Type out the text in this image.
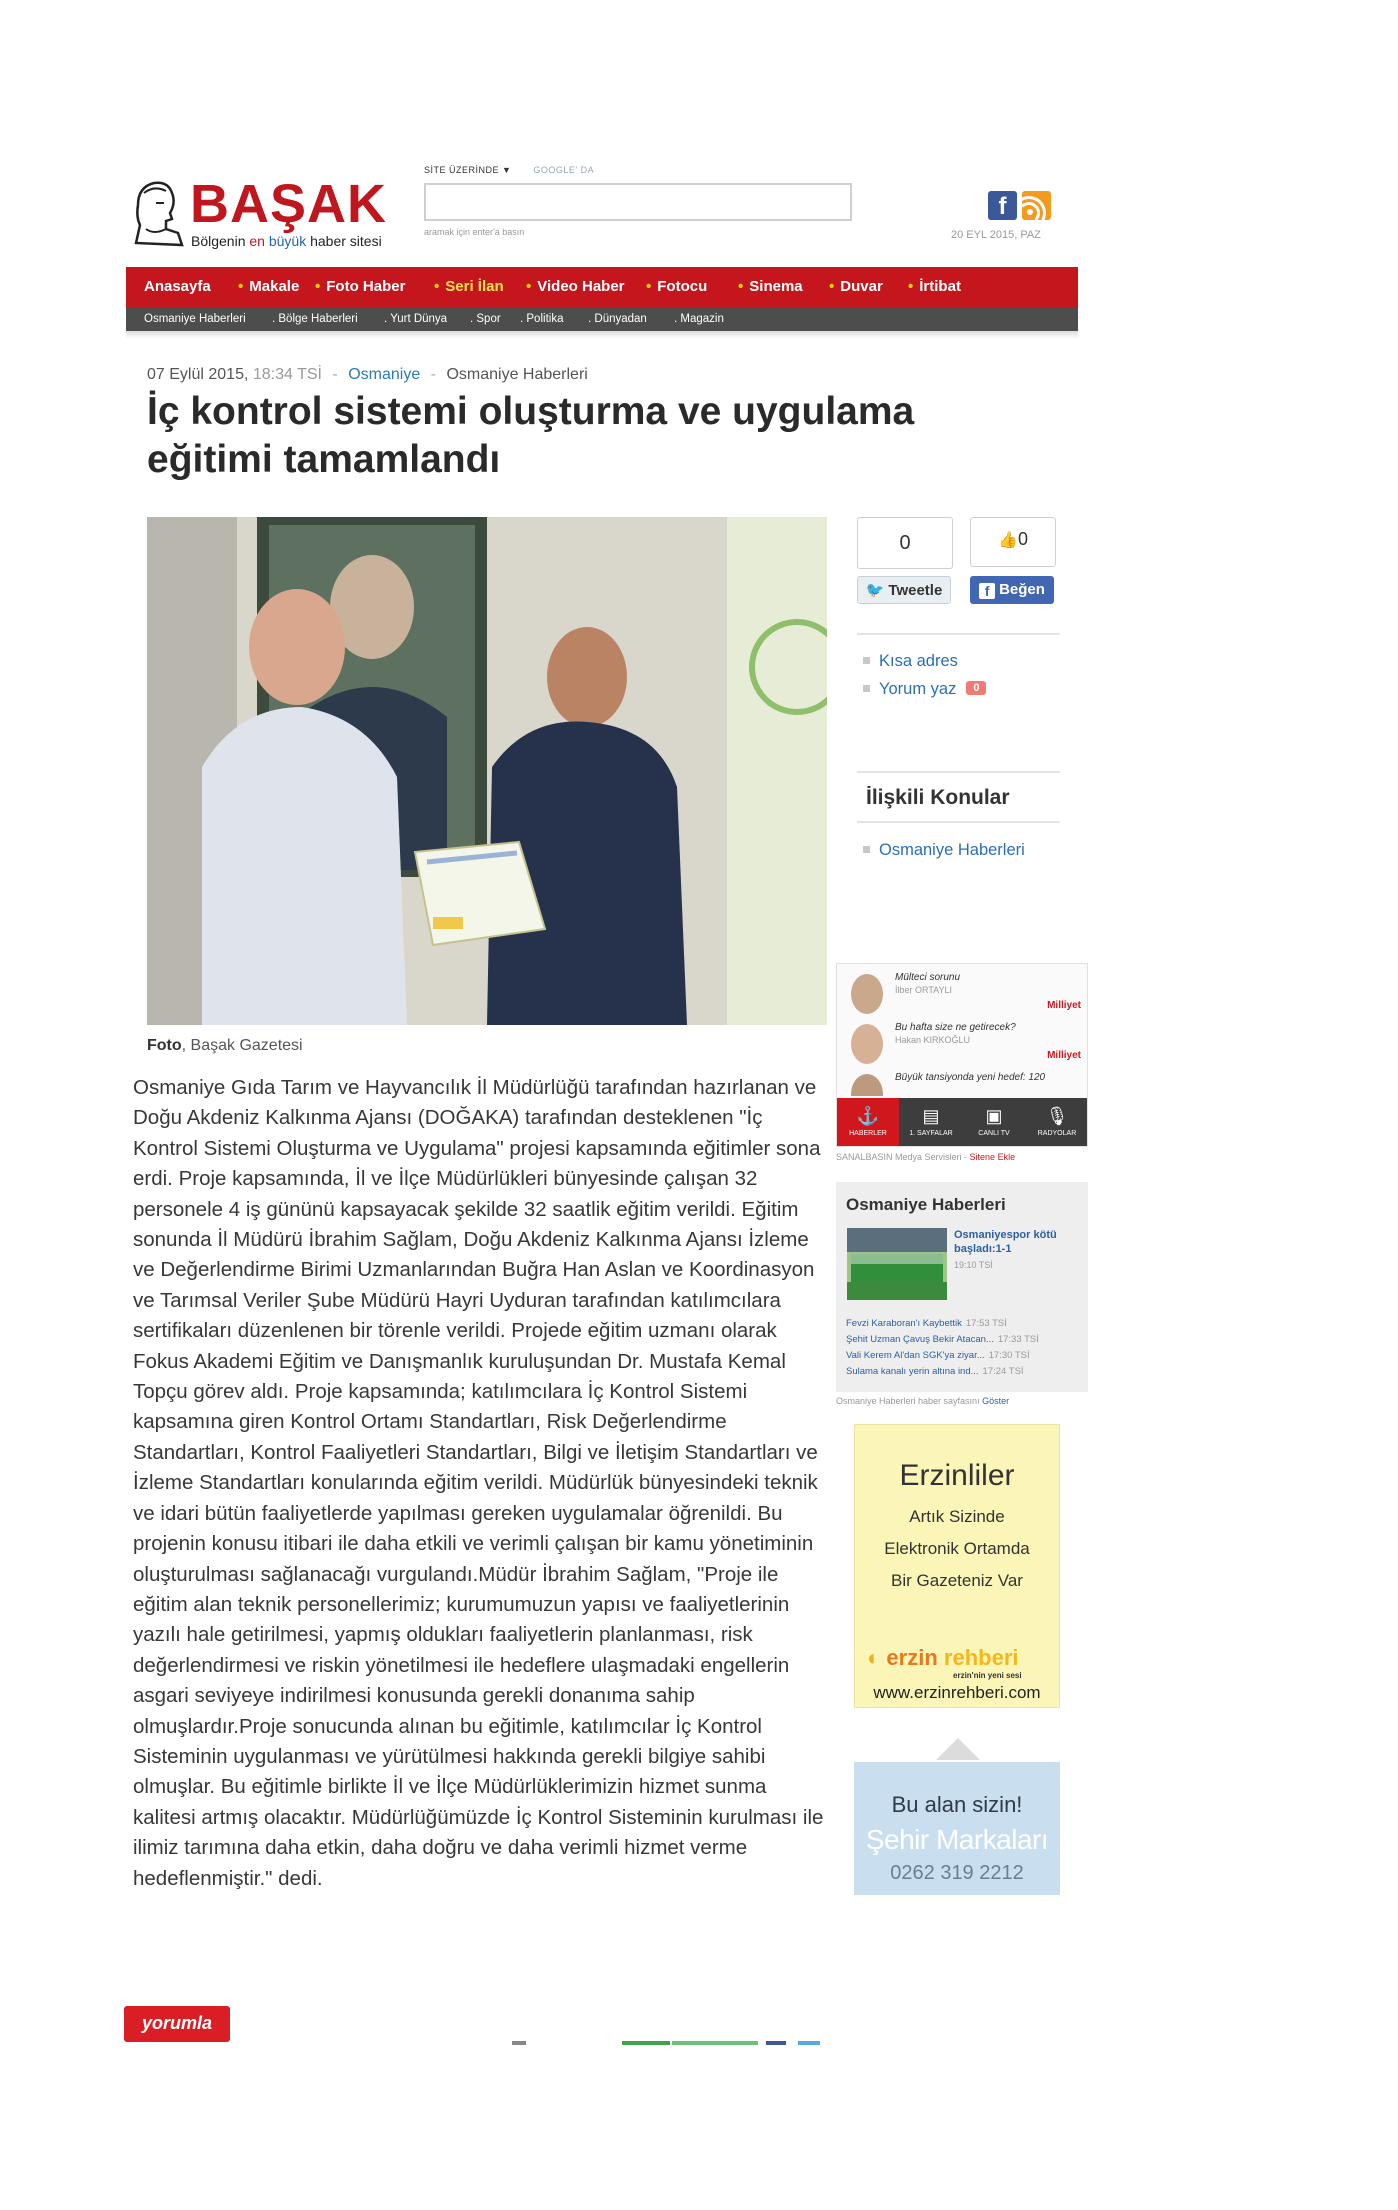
BAŞAK
Bölgenin en büyük haber sitesi
SİTE ÜZERİNDE ▼ GOOGLE' DA
aramak için enter'a basın
f
20 EYL 2015, PAZ
Anasayfa • Makale • Foto Haber • Seri İlan • Video Haber • Fotocu • Sinema • Duvar • İrtibat
Osmaniye Haberleri . Bölge Haberleri . Yurt Dünya . Spor . Politika . Dünyadan . Magazin
07 Eylül 2015, 18:34 TSİ - Osmaniye - Osmaniye Haberleri
İç kontrol sistemi oluşturma ve uygulama eğitimi tamamlandı
Foto, Başak Gazetesi
Osmaniye Gıda Tarım ve Hayvancılık İl Müdürlüğü tarafından hazırlanan ve Doğu Akdeniz Kalkınma Ajansı (DOĞAKA) tarafından desteklenen "İç Kontrol Sistemi Oluşturma ve Uygulama" projesi kapsamında eğitimler sona erdi. Proje kapsamında, İl ve İlçe Müdürlükleri bünyesinde çalışan 32 personele 4 iş gününü kapsayacak şekilde 32 saatlik eğitim verildi. Eğitim sonunda İl Müdürü İbrahim Sağlam, Doğu Akdeniz Kalkınma Ajansı İzleme ve Değerlendirme Birimi Uzmanlarından Buğra Han Aslan ve Koordinasyon ve Tarımsal Veriler Şube Müdürü Hayri Uyduran tarafından katılımcılara sertifikaları düzenlenen bir törenle verildi. Projede eğitim uzmanı olarak Fokus Akademi Eğitim ve Danışmanlık kuruluşundan Dr. Mustafa Kemal Topçu görev aldı. Proje kapsamında; katılımcılara İç Kontrol Sistemi kapsamına giren Kontrol Ortamı Standartları, Risk Değerlendirme Standartları, Kontrol Faaliyetleri Standartları, Bilgi ve İletişim Standartları ve İzleme Standartları konularında eğitim verildi. Müdürlük bünyesindeki teknik ve idari bütün faaliyetlerde yapılması gereken uygulamalar öğrenildi. Bu projenin konusu itibari ile daha etkili ve verimli çalışan bir kamu yönetiminin oluşturulması sağlanacağı vurgulandı.Müdür İbrahim Sağlam, "Proje ile eğitim alan teknik personellerimiz; kurumumuzun yapısı ve faaliyetlerinin yazılı hale getirilmesi, yapmış oldukları faaliyetlerin planlanması, risk değerlendirmesi ve riskin yönetilmesi ile hedeflere ulaşmadaki engellerin asgari seviyeye indirilmesi konusunda gerekli donanıma sahip olmuşlardır.Proje sonucunda alınan bu eğitimle, katılımcılar İç Kontrol Sisteminin uygulanması ve yürütülmesi hakkında gerekli bilgiye sahibi olmuşlar. Bu eğitimle birlikte İl ve İlçe Müdürlüklerimizin hizmet sunma kalitesi artmış olacaktır. Müdürlüğümüzde İç Kontrol Sisteminin kurulması ile ilimiz tarımına daha etkin, daha doğru ve daha verimli hizmet verme hedeflenmiştir." dedi.
yorumla
0	👍0
🐦 Tweetle	f Beğen
Kısa adres
Yorum yaz 0
İlişkili Konular
Osmaniye Haberleri
Mülteci sorunu
İlber ORTAYLI
Milliyet
Bu hafta size ne getirecek?
Hakan KIRKOĞLU
Milliyet
Büyük tansiyonda yeni hedef: 120
⚓
HABERLER
▤
1. SAYFALAR
▣
CANLI TV
🎙
RADYOLAR
SANALBASIN Medya Servisleri - Sitene Ekle
Osmaniye Haberleri
Osmaniyespor kötü başladı:1-1
19:10 TSİ
Fevzi Karaboran'ı Kaybettik 17:53 TSİ
Şehit Uzman Çavuş Bekir Atacan... 17:33 TSİ
Vali Kerem Al'dan SGK'ya ziyar... 17:30 TSİ
Sulama kanalı yerin altına ind... 17:24 TSİ
Osmaniye Haberleri haber sayfasını Göster
Erzinliler
Artık Sizinde
Elektronik Ortamda
Bir Gazeteniz Var
◐ erzin rehberi
erzin'nin yeni sesi
www.erzinrehberi.com
Bu alan sizin!
Şehir Markaları
0262 319 2212
